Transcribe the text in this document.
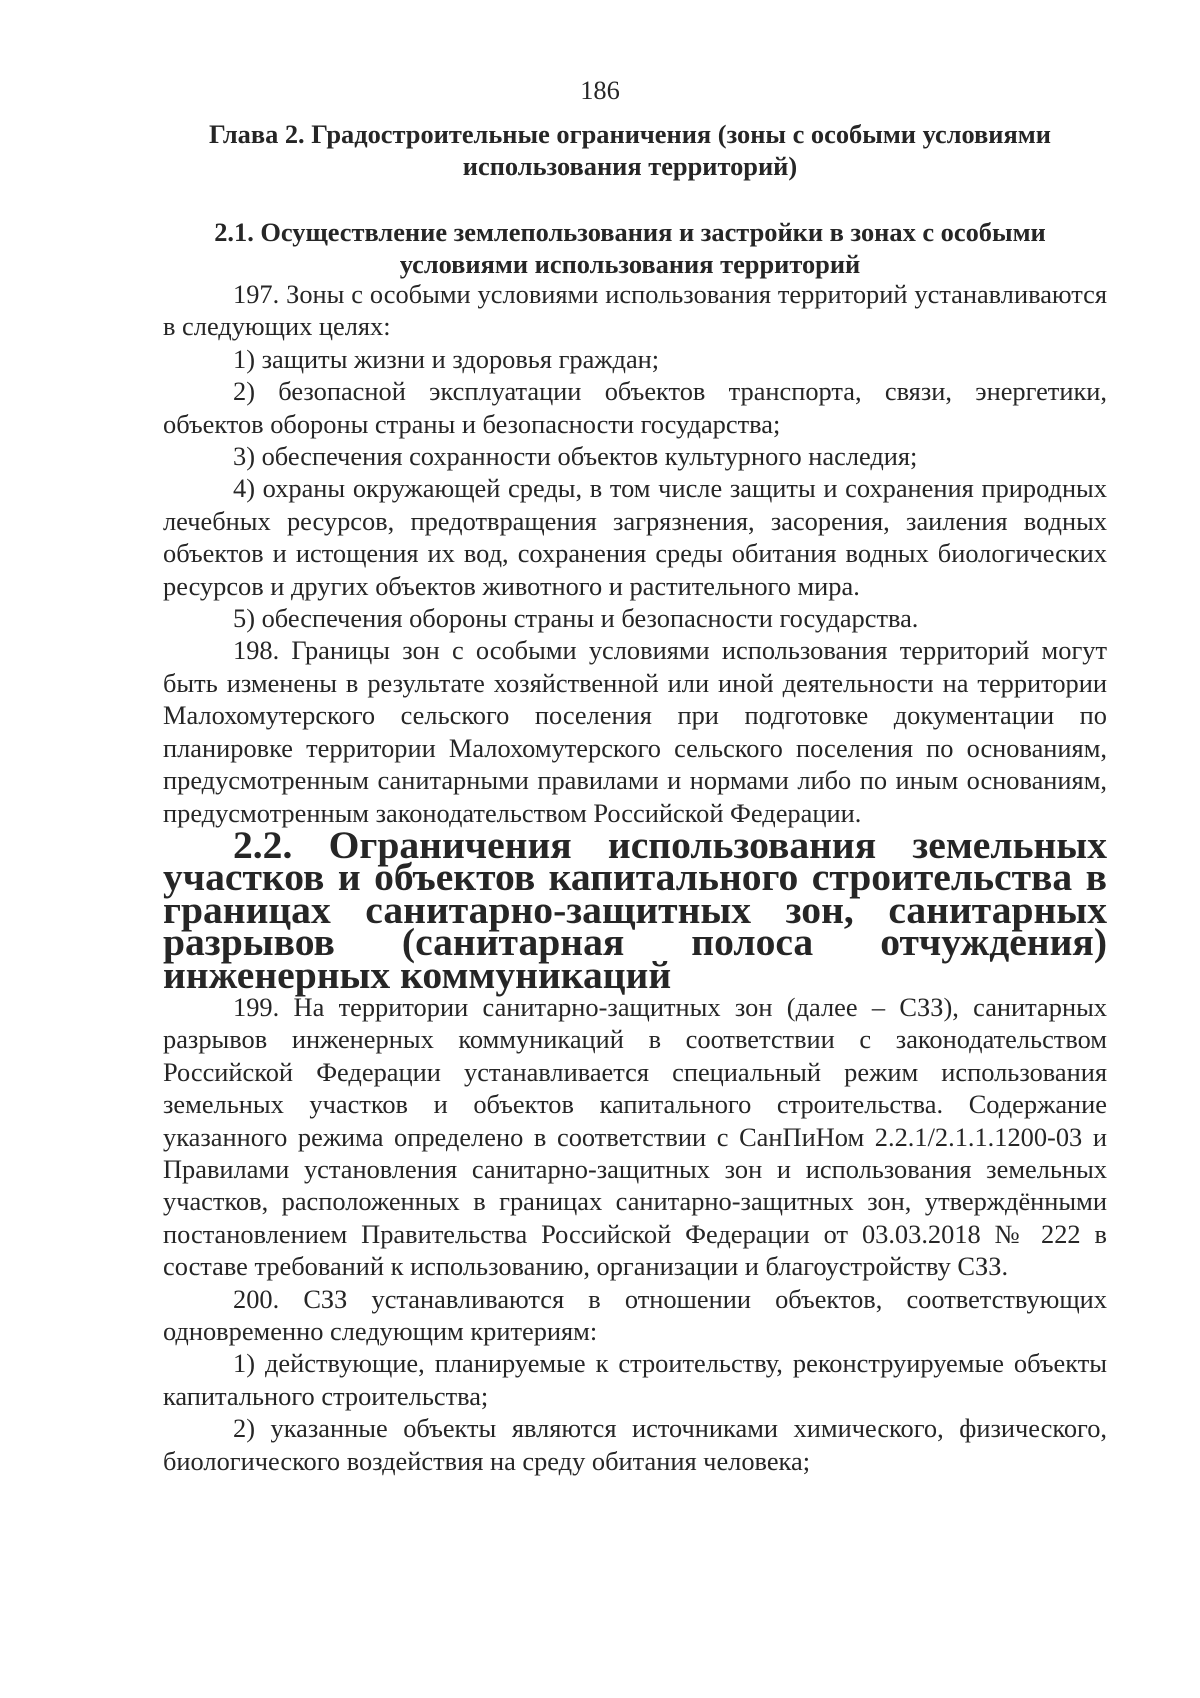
186
Глава 2. Градостроительные ограничения (зоны с особыми условиями использования территорий)
2.1. Осуществление землепользования и застройки в зонах с особыми условиями использования территорий

197. Зоны с особыми условиями использования территорий устанавливаются в следующих целях:

1) защиты жизни и здоровья граждан;

2) безопасной эксплуатации объектов транспорта, связи, энергетики, объектов обороны страны и безопасности государства;

3) обеспечения сохранности объектов культурного наследия;

4) охраны окружающей среды, в том числе защиты и сохранения природных лечебных ресурсов, предотвращения загрязнения, засорения, заиления водных объектов и истощения их вод, сохранения среды обитания водных биологических ресурсов и других объектов животного и растительного мира.

5) обеспечения обороны страны и безопасности государства.

198. Границы зон с особыми условиями использования территорий могут быть изменены в результате хозяйственной или иной деятельности на территории Малохомутерского сельского поселения при подготовке документации по планировке территории Малохомутерского сельского поселения по основаниям, предусмотренным санитарными правилами и нормами либо по иным основаниям, предусмотренным законодательством Российской Федерации.

2.2. Ограничения использования земельных участков и объектов капитального строительства в границах санитарно-защитных зон, санитарных разрывов (санитарная полоса отчуждения) инженерных коммуникаций

199. На территории санитарно-защитных зон (далее – СЗЗ), санитарных разрывов инженерных коммуникаций в соответствии с законодательством Российской Федерации устанавливается специальный режим использования земельных участков и объектов капитального строительства. Содержание указанного режима определено в соответствии с СанПиНом 2.2.1/2.1.1.1200-03 и Правилами установления санитарно-защитных зон и использования земельных участков, расположенных в границах санитарно-защитных зон, утверждёнными постановлением Правительства Российской Федерации от 03.03.2018 № 222 в составе требований к использованию, организации и благоустройству СЗЗ.

200. СЗЗ устанавливаются в отношении объектов, соответствующих одновременно следующим критериям:

1) действующие, планируемые к строительству, реконструируемые объекты капитального строительства;

2) указанные объекты являются источниками химического, физического, биологического воздействия на среду обитания человека;
